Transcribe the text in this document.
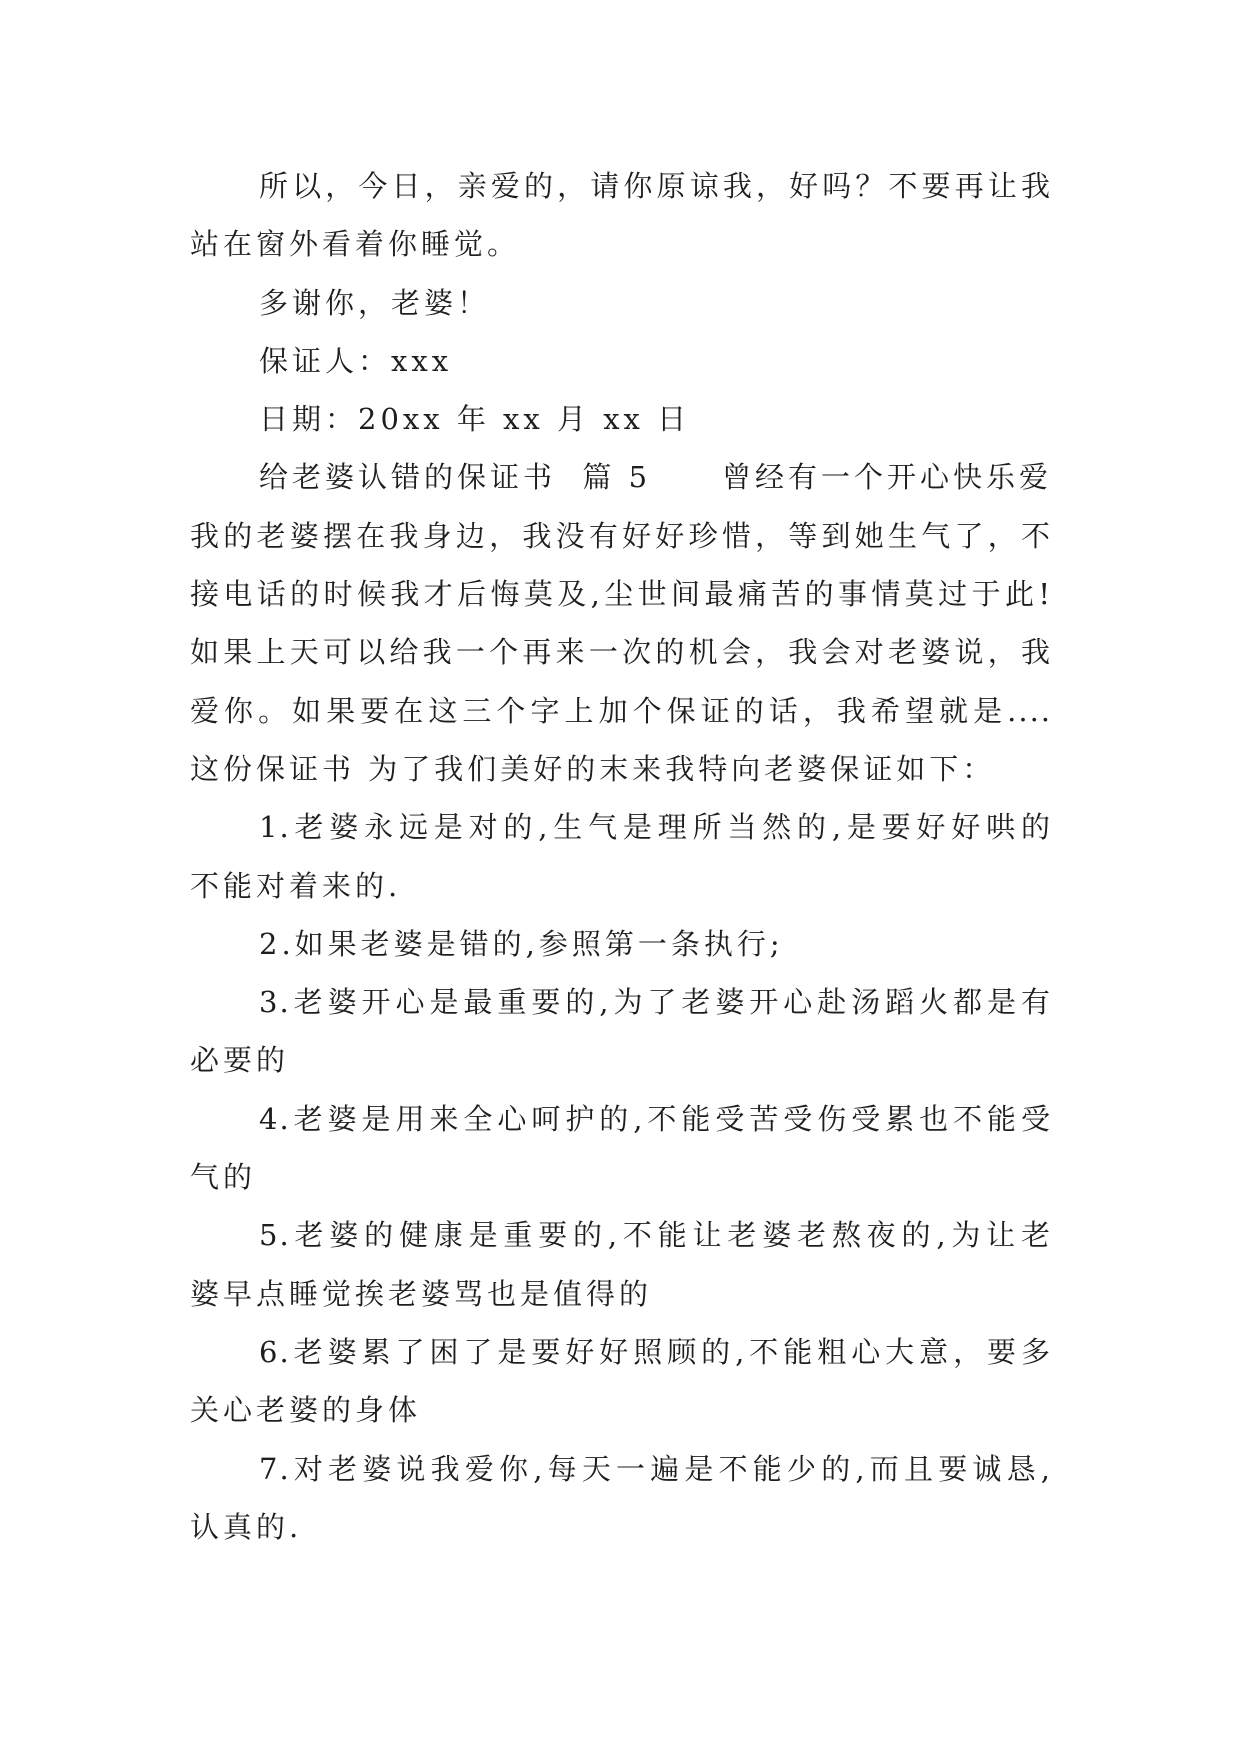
所以，今日，亲爱的，请你原谅我，好吗？不要再让我
站在窗外看着你睡觉。
多谢你，老婆！
保证人：xxx
日期：20xx 年 xx 月 xx 日
给老婆认错的保证书  篇 5 曾经有一个开心快乐爱
我的老婆摆在我身边，我没有好好珍惜，等到她生气了，不
接电话的时候我才后悔莫及,尘世间最痛苦的事情莫过于此!
如果上天可以给我一个再来一次的机会，我会对老婆说，我
爱你。如果要在这三个字上加个保证的话，我希望就是....
这份保证书 为了我们美好的末来我特向老婆保证如下：
1.老婆永远是对的,生气是理所当然的,是要好好哄的
不能对着来的.
2.如果老婆是错的,参照第一条执行;
3.老婆开心是最重要的,为了老婆开心赴汤蹈火都是有
必要的
4.老婆是用来全心呵护的,不能受苦受伤受累也不能受
气的
5.老婆的健康是重要的,不能让老婆老熬夜的,为让老
婆早点睡觉挨老婆骂也是值得的
6.老婆累了困了是要好好照顾的,不能粗心大意，要多
关心老婆的身体
7.对老婆说我爱你,每天一遍是不能少的,而且要诚恳,
认真的.
